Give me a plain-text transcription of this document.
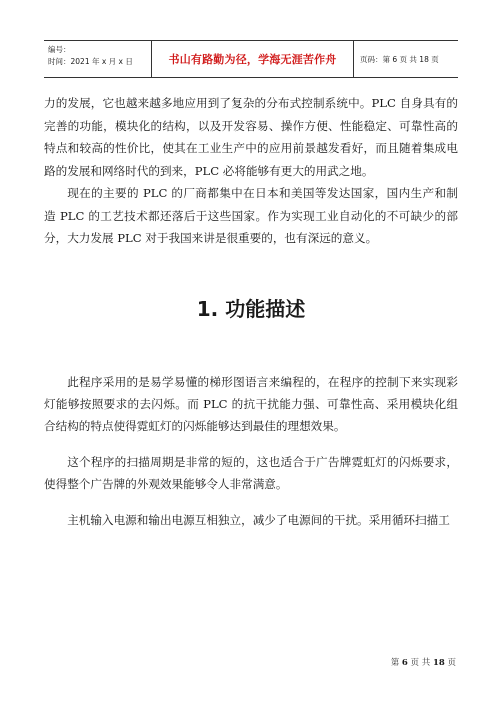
编号：
时间：2021 年 x 月 x 日	书山有路勤为径，学海无涯苦作舟	页码：第 6 页 共 18 页

力的发展，它也越来越多地应用到了复杂的分布式控制系统中。PLC 自身具有的完善的功能，模块化的结构，以及开发容易、操作方便、性能稳定、可靠性高的特点和较高的性价比，使其在工业生产中的应用前景越发看好，而且随着集成电路的发展和网络时代的到来，PLC 必将能够有更大的用武之地。

现在的主要的 PLC 的厂商都集中在日本和美国等发达国家，国内生产和制造 PLC 的工艺技术都还落后于这些国家。作为实现工业自动化的不可缺少的部分，大力发展 PLC 对于我国来讲是很重要的，也有深远的意义。

1. 功能描述

此程序采用的是易学易懂的梯形图语言来编程的，在程序的控制下来实现彩灯能够按照要求的去闪烁。而 PLC 的抗干扰能力强、可靠性高、采用模块化组合结构的特点使得霓虹灯的闪烁能够达到最佳的理想效果。

这个程序的扫描周期是非常的短的，这也适合于广告牌霓虹灯的闪烁要求，使得整个广告牌的外观效果能够令人非常满意。

主机输入电源和输出电源互相独立，减少了电源间的干扰。采用循环扫描工

第 6 页 共 18 页
